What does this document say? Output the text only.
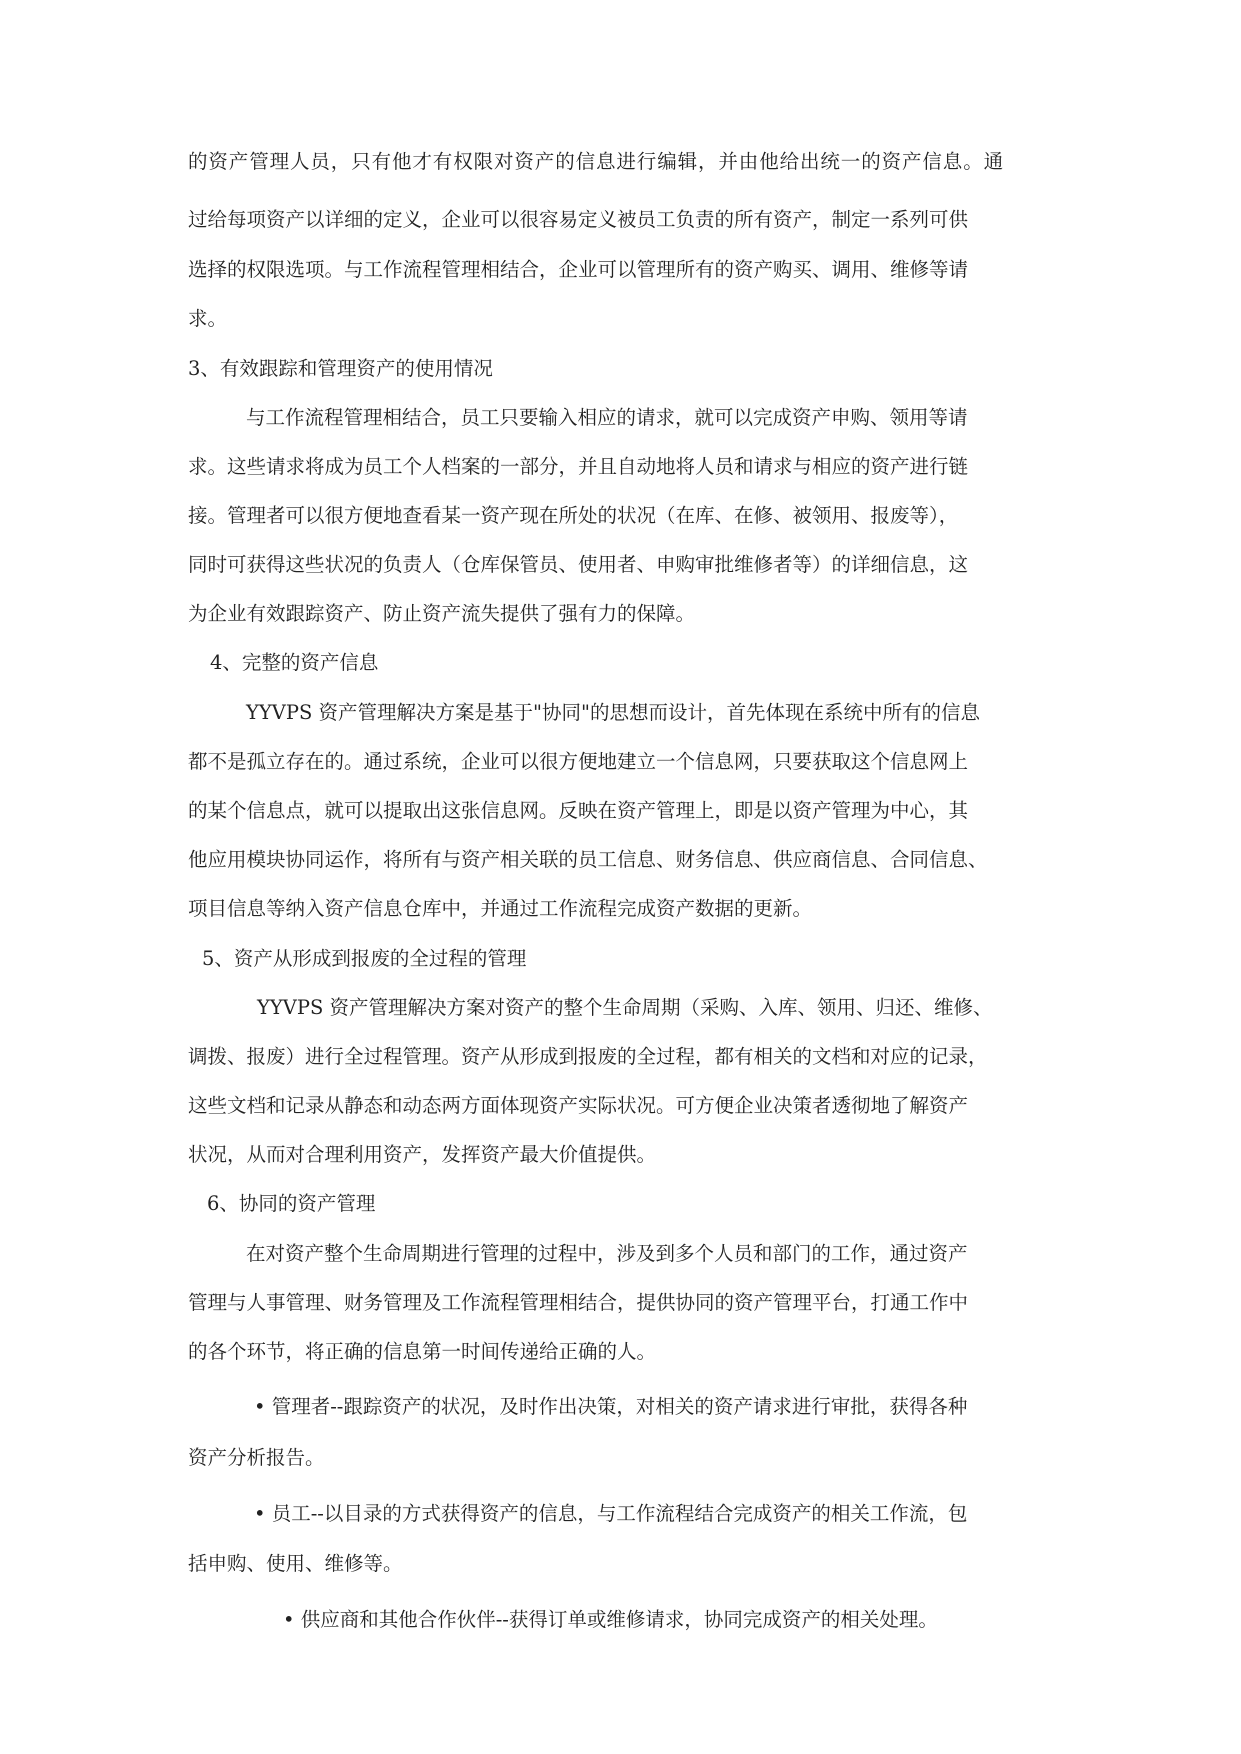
的资产管理人员，只有他才有权限对资产的信息进行编辑，并由他给出统一的资产信息。通
过给每项资产以详细的定义，企业可以很容易定义被员工负责的所有资产，制定一系列可供
选择的权限选项。与工作流程管理相结合，企业可以管理所有的资产购买、调用、维修等请
求。
3、有效跟踪和管理资产的使用情况
与工作流程管理相结合，员工只要输入相应的请求，就可以完成资产申购、领用等请
求。这些请求将成为员工个人档案的一部分，并且自动地将人员和请求与相应的资产进行链
接。管理者可以很方便地查看某一资产现在所处的状况（在库、在修、被领用、报废等），
同时可获得这些状况的负责人（仓库保管员、使用者、申购审批维修者等）的详细信息，这
为企业有效跟踪资产、防止资产流失提供了强有力的保障。
4、完整的资产信息
YYVPS 资产管理解决方案是基于"协同"的思想而设计，首先体现在系统中所有的信息
都不是孤立存在的。通过系统，企业可以很方便地建立一个信息网，只要获取这个信息网上
的某个信息点，就可以提取出这张信息网。反映在资产管理上，即是以资产管理为中心，其
他应用模块协同运作，将所有与资产相关联的员工信息、财务信息、供应商信息、合同信息、
项目信息等纳入资产信息仓库中，并通过工作流程完成资产数据的更新。
5、资产从形成到报废的全过程的管理
YYVPS 资产管理解决方案对资产的整个生命周期（采购、入库、领用、归还、维修、
调拨、报废）进行全过程管理。资产从形成到报废的全过程，都有相关的文档和对应的记录，
这些文档和记录从静态和动态两方面体现资产实际状况。可方便企业决策者透彻地了解资产
状况，从而对合理利用资产，发挥资产最大价值提供。
6、协同的资产管理
在对资产整个生命周期进行管理的过程中，涉及到多个人员和部门的工作，通过资产
管理与人事管理、财务管理及工作流程管理相结合，提供协同的资产管理平台，打通工作中
的各个环节，将正确的信息第一时间传递给正确的人。
• 管理者--跟踪资产的状况，及时作出决策，对相关的资产请求进行审批，获得各种
资产分析报告。
• 员工--以目录的方式获得资产的信息，与工作流程结合完成资产的相关工作流，包
括申购、使用、维修等。
• 供应商和其他合作伙伴--获得订单或维修请求，协同完成资产的相关处理。
